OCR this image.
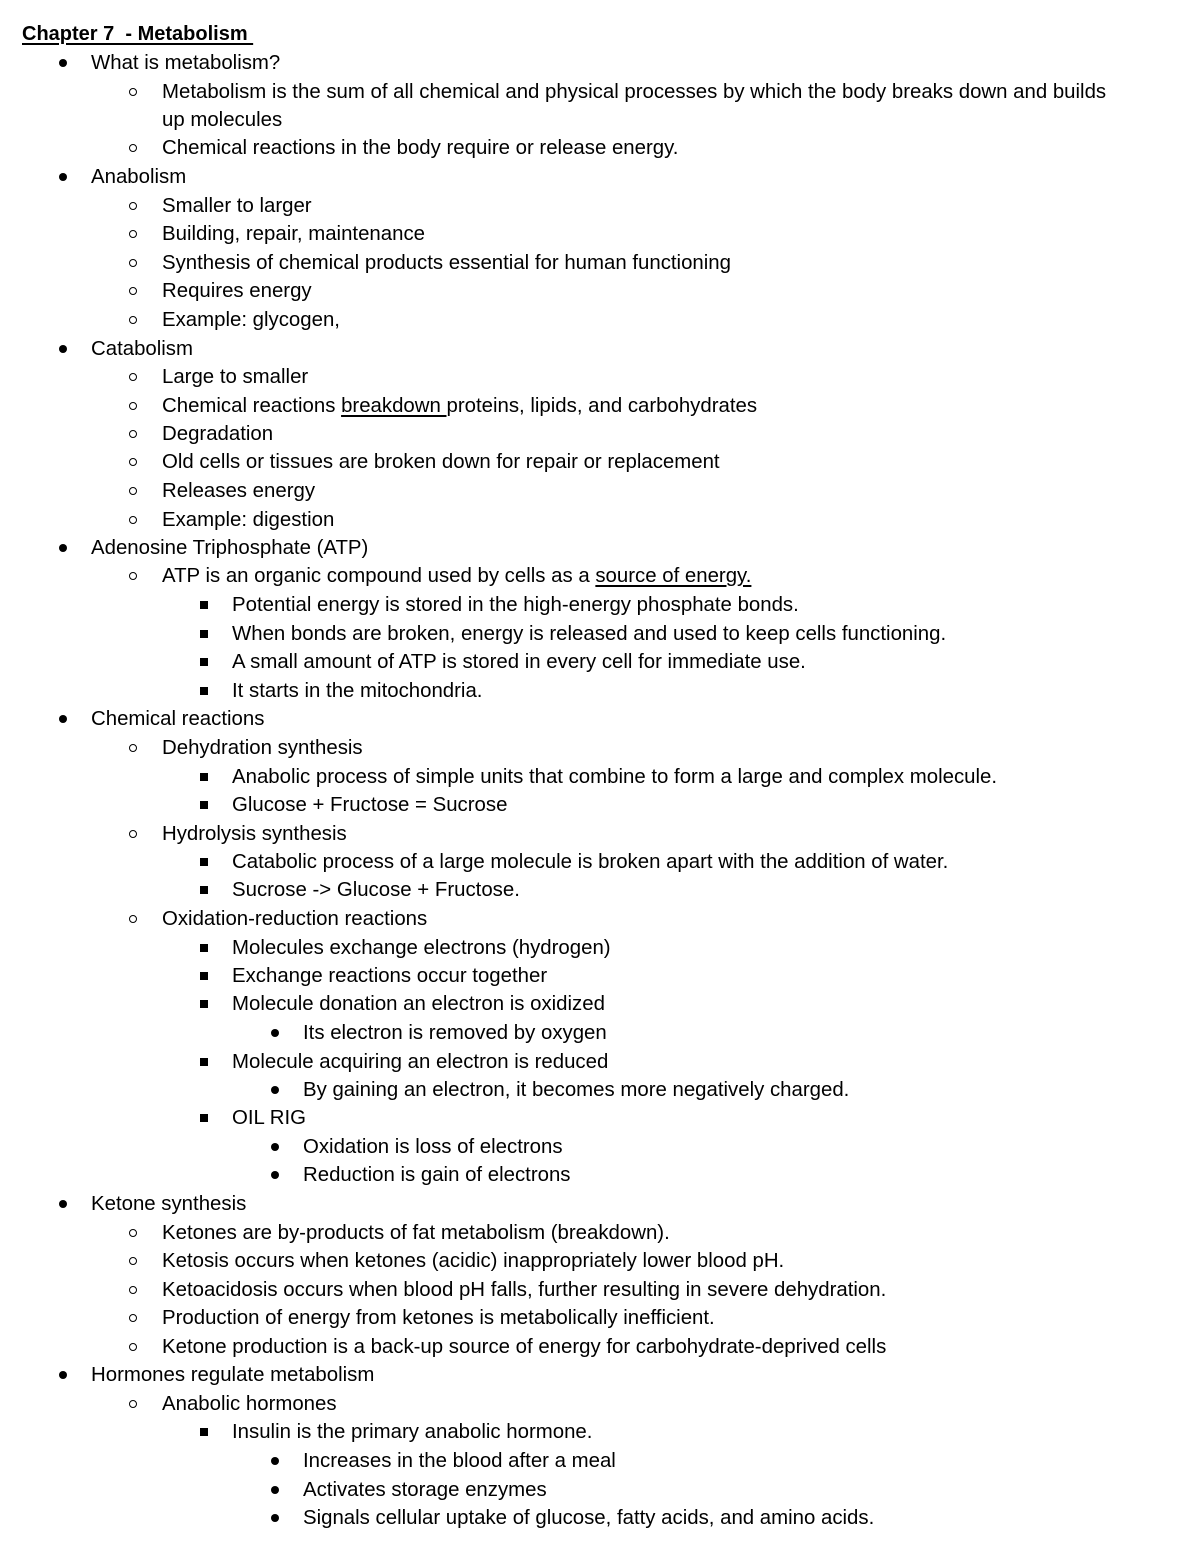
Chapter 7  - Metabolism
What is metabolism?
Metabolism is the sum of all chemical and physical processes by which the body breaks down and builds
up molecules
Chemical reactions in the body require or release energy.
Anabolism
Smaller to larger
Building, repair, maintenance
Synthesis of chemical products essential for human functioning
Requires energy
Example: glycogen,
Catabolism
Large to smaller
Chemical reactions breakdown proteins, lipids, and carbohydrates
Degradation
Old cells or tissues are broken down for repair or replacement
Releases energy
Example: digestion
Adenosine Triphosphate (ATP)
ATP is an organic compound used by cells as a source of energy.
Potential energy is stored in the high-energy phosphate bonds.
When bonds are broken, energy is released and used to keep cells functioning.
A small amount of ATP is stored in every cell for immediate use.
It starts in the mitochondria.
Chemical reactions
Dehydration synthesis
Anabolic process of simple units that combine to form a large and complex molecule.
Glucose + Fructose = Sucrose
Hydrolysis synthesis
Catabolic process of a large molecule is broken apart with the addition of water.
Sucrose -> Glucose + Fructose.
Oxidation-reduction reactions
Molecules exchange electrons (hydrogen)
Exchange reactions occur together
Molecule donation an electron is oxidized
Its electron is removed by oxygen
Molecule acquiring an electron is reduced
By gaining an electron, it becomes more negatively charged.
OIL RIG
Oxidation is loss of electrons
Reduction is gain of electrons
Ketone synthesis
Ketones are by-products of fat metabolism (breakdown).
Ketosis occurs when ketones (acidic) inappropriately lower blood pH.
Ketoacidosis occurs when blood pH falls, further resulting in severe dehydration.
Production of energy from ketones is metabolically inefficient.
Ketone production is a back-up source of energy for carbohydrate-deprived cells
Hormones regulate metabolism
Anabolic hormones
Insulin is the primary anabolic hormone.
Increases in the blood after a meal
Activates storage enzymes
Signals cellular uptake of glucose, fatty acids, and amino acids.
